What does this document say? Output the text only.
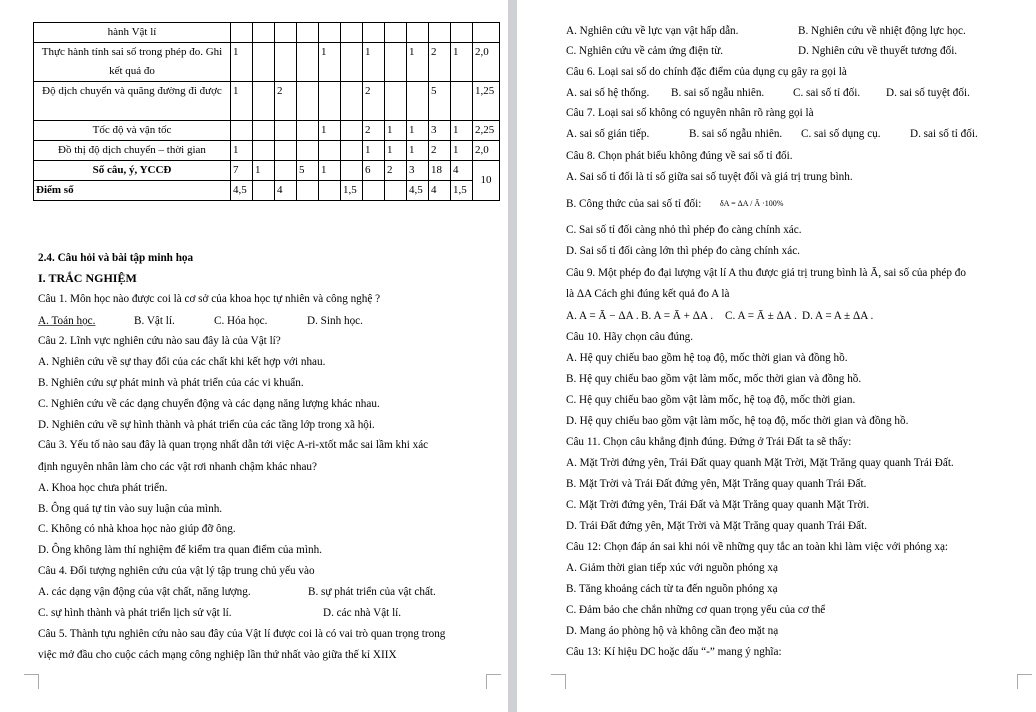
hành Vật lí												
Thực hành tính sai số trong phép đo. Ghi kết quả đo	1				1		1		1	2	1	2,0
Độ dịch chuyển và quãng đường đi được	1		2				2			5		1,25
Tốc độ và vận tốc					1		2	1	1	3	1	2,25
Đồ thị độ dịch chuyển – thời gian	1						1	1	1	2	1	2,0
Số câu, ý, YCCĐ	7	1		5	1		6	2	3	18	4	10
Điểm số	4,5		4			1,5			4,5	4	1,5	
2.4. Câu hỏi và bài tập minh họa
I. TRẮC NGHIỆM
Câu 1. Môn học nào được coi là cơ sở của khoa học tự nhiên và công nghệ ?
A. Toán học.	B. Vật lí.	C. Hóa học.	D. Sinh học.
Câu 2. Lĩnh vực nghiên cứu nào sau đây là của Vật lí?
A. Nghiên cứu về sự thay đổi của các chất khi kết hợp với nhau.
B. Nghiên cứu sự phát minh và phát triển của các vi khuẩn.
C. Nghiên cứu về các dạng chuyển động và các dạng năng lượng khác nhau.
D. Nghiên cứu về sự hình thành và phát triển của các tầng lớp trong xã hội.
Câu 3. Yếu tố nào sau đây là quan trọng nhất dẫn tới việc A-ri-xtốt mắc sai lầm khi xác
định nguyên nhân làm cho các vật rơi nhanh chậm khác nhau?
A. Khoa học chưa phát triển.
B. Ông quá tự tin vào suy luận của mình.
C. Không có nhà khoa học nào giúp đỡ ông.
D. Ông không làm thí nghiệm để kiểm tra quan điểm của mình.
Câu 4. Đối tượng nghiên cứu của vật lý tập trung chủ yếu vào
A. các dạng vận động của vật chất, năng lượng.	B. sự phát triển của vật chất.
C. sự hình thành và phát triển lịch sử vật lí.	D. các nhà Vật lí.
Câu 5. Thành tựu nghiên cứu nào sau đây của Vật lí được coi là có vai trò quan trọng trong
việc mở đầu cho cuộc cách mạng công nghiệp lần thứ nhất vào giữa thế kỉ XIIX
A. Nghiên cứu về lực vạn vật hấp dẫn.	B. Nghiên cứu về nhiệt động lực học.
C. Nghiên cứu về cảm ứng điện từ.	D. Nghiên cứu về thuyết tương đối.
Câu 6. Loại sai số do chính đặc điểm của dụng cụ gây ra gọi là
A. sai số hệ thống. B. sai số ngẫu nhiên.	C. sai số tỉ đối. D. sai số tuyệt đối.
Câu 7. Loại sai số không có nguyên nhân rõ ràng gọi là
A. sai số gián tiếp.	B. sai số ngẫu nhiên. C. sai số dụng cụ.	D. sai số tỉ đối.
Câu 8. Chọn phát biểu không đúng về sai số tỉ đối.
A. Sai số tỉ đối là tỉ số giữa sai số tuyệt đối và giá trị trung bình.
B. Công thức của sai số tỉ đối: δA = ΔA / Ā ·100%
C. Sai số tỉ đối càng nhỏ thì phép đo càng chính xác.
D. Sai số tỉ đối càng lớn thì phép đo càng chính xác.
Câu 9. Một phép đo đại lượng vật lí A thu được giá trị trung bình là Ā, sai số của phép đo
là ΔA Cách ghi đúng kết quả đo A là
A. A = Ā − ΔA . B. A = Ā + ΔA . C. A = Ā ± ΔA . D. A = A ± ΔA .
Câu 10. Hãy chọn câu đúng.
A. Hệ quy chiếu bao gồm hệ toạ độ, mốc thời gian và đồng hồ.
B. Hệ quy chiếu bao gồm vật làm mốc, mốc thời gian và đồng hồ.
C. Hệ quy chiếu bao gồm vật làm mốc, hệ toạ độ, mốc thời gian.
D. Hệ quy chiếu bao gồm vật làm mốc, hệ toạ độ, mốc thời gian và đồng hồ.
Câu 11. Chọn câu khẳng định đúng. Đứng ở Trái Đất ta sẽ thấy:
A. Mặt Trời đứng yên, Trái Đất quay quanh Mặt Trời, Mặt Trăng quay quanh Trái Đất.
B. Mặt Trời và Trái Đất đứng yên, Mặt Trăng quay quanh Trái Đất.
C. Mặt Trời đứng yên, Trái Đất và Mặt Trăng quay quanh Mặt Trời.
D. Trái Đất đứng yên, Mặt Trời và Mặt Trăng quay quanh Trái Đất.
Câu 12: Chọn đáp án sai khi nói về những quy tắc an toàn khi làm việc với phóng xạ:
A. Giảm thời gian tiếp xúc với nguồn phóng xạ
B. Tăng khoảng cách từ ta đến nguồn phóng xạ
C. Đảm bảo che chắn những cơ quan trọng yếu của cơ thể
D. Mang áo phòng hộ và không cần đeo mặt nạ
Câu 13: Kí hiệu DC hoặc dấu “-” mang ý nghĩa:
